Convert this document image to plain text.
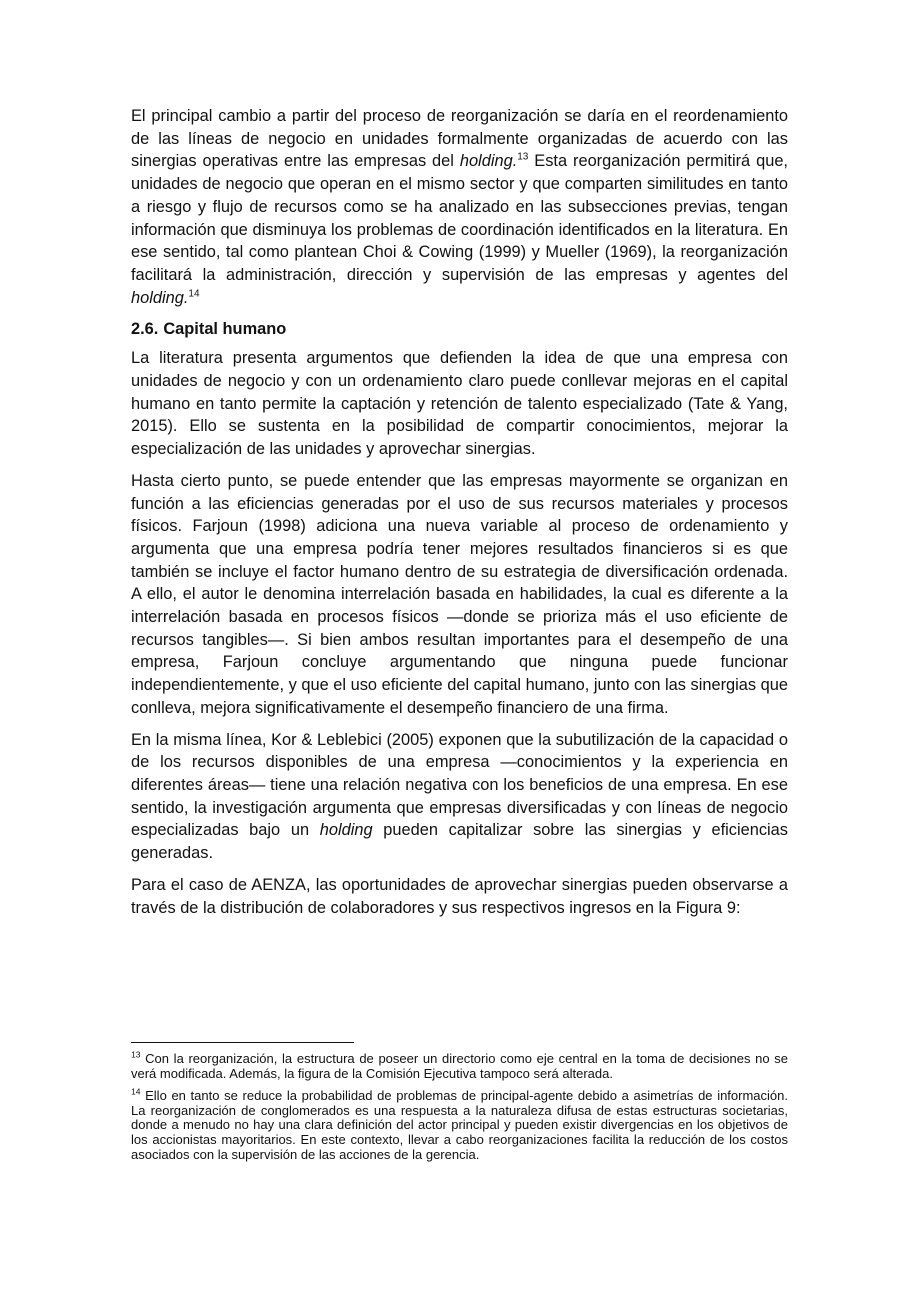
El principal cambio a partir del proceso de reorganización se daría en el reordenamiento de las líneas de negocio en unidades formalmente organizadas de acuerdo con las sinergias operativas entre las empresas del holding.$^{13}$ Esta reorganización permitirá que, unidades de negocio que operan en el mismo sector y que comparten similitudes en tanto a riesgo y flujo de recursos como se ha analizado en las subsecciones previas, tengan información que disminuya los problemas de coordinación identificados en la literatura. En ese sentido, tal como plantean Choi & Cowing (1999) y Mueller (1969), la reorganización facilitará la administración, dirección y supervisión de las empresas y agentes del holding.$^{14}$

2.6. Capital humano

La literatura presenta argumentos que defienden la idea de que una empresa con unidades de negocio y con un ordenamiento claro puede conllevar mejoras en el capital humano en tanto permite la captación y retención de talento especializado (Tate & Yang, 2015). Ello se sustenta en la posibilidad de compartir conocimientos, mejorar la especialización de las unidades y aprovechar sinergias.

Hasta cierto punto, se puede entender que las empresas mayormente se organizan en función a las eficiencias generadas por el uso de sus recursos materiales y procesos físicos. Farjoun (1998) adiciona una nueva variable al proceso de ordenamiento y argumenta que una empresa podría tener mejores resultados financieros si es que también se incluye el factor humano dentro de su estrategia de diversificación ordenada. A ello, el autor le denomina interrelación basada en habilidades, la cual es diferente a la interrelación basada en procesos físicos —donde se prioriza más el uso eficiente de recursos tangibles—. Si bien ambos resultan importantes para el desempeño de una empresa, Farjoun concluye argumentando que ninguna puede funcionar independientemente, y que el uso eficiente del capital humano, junto con las sinergias que conlleva, mejora significativamente el desempeño financiero de una firma.

En la misma línea, Kor & Leblebici (2005) exponen que la subutilización de la capacidad o de los recursos disponibles de una empresa —conocimientos y la experiencia en diferentes áreas— tiene una relación negativa con los beneficios de una empresa. En ese sentido, la investigación argumenta que empresas diversificadas y con líneas de negocio especializadas bajo un holding pueden capitalizar sobre las sinergias y eficiencias generadas.

Para el caso de AENZA, las oportunidades de aprovechar sinergias pueden observarse a través de la distribución de colaboradores y sus respectivos ingresos en la Figura 9:

$^{13}$ Con la reorganización, la estructura de poseer un directorio como eje central en la toma de decisiones no se verá modificada. Además, la figura de la Comisión Ejecutiva tampoco será alterada.

$^{14}$ Ello en tanto se reduce la probabilidad de problemas de principal-agente debido a asimetrías de información. La reorganización de conglomerados es una respuesta a la naturaleza difusa de estas estructuras societarias, donde a menudo no hay una clara definición del actor principal y pueden existir divergencias en los objetivos de los accionistas mayoritarios. En este contexto, llevar a cabo reorganizaciones facilita la reducción de los costos asociados con la supervisión de las acciones de la gerencia.
